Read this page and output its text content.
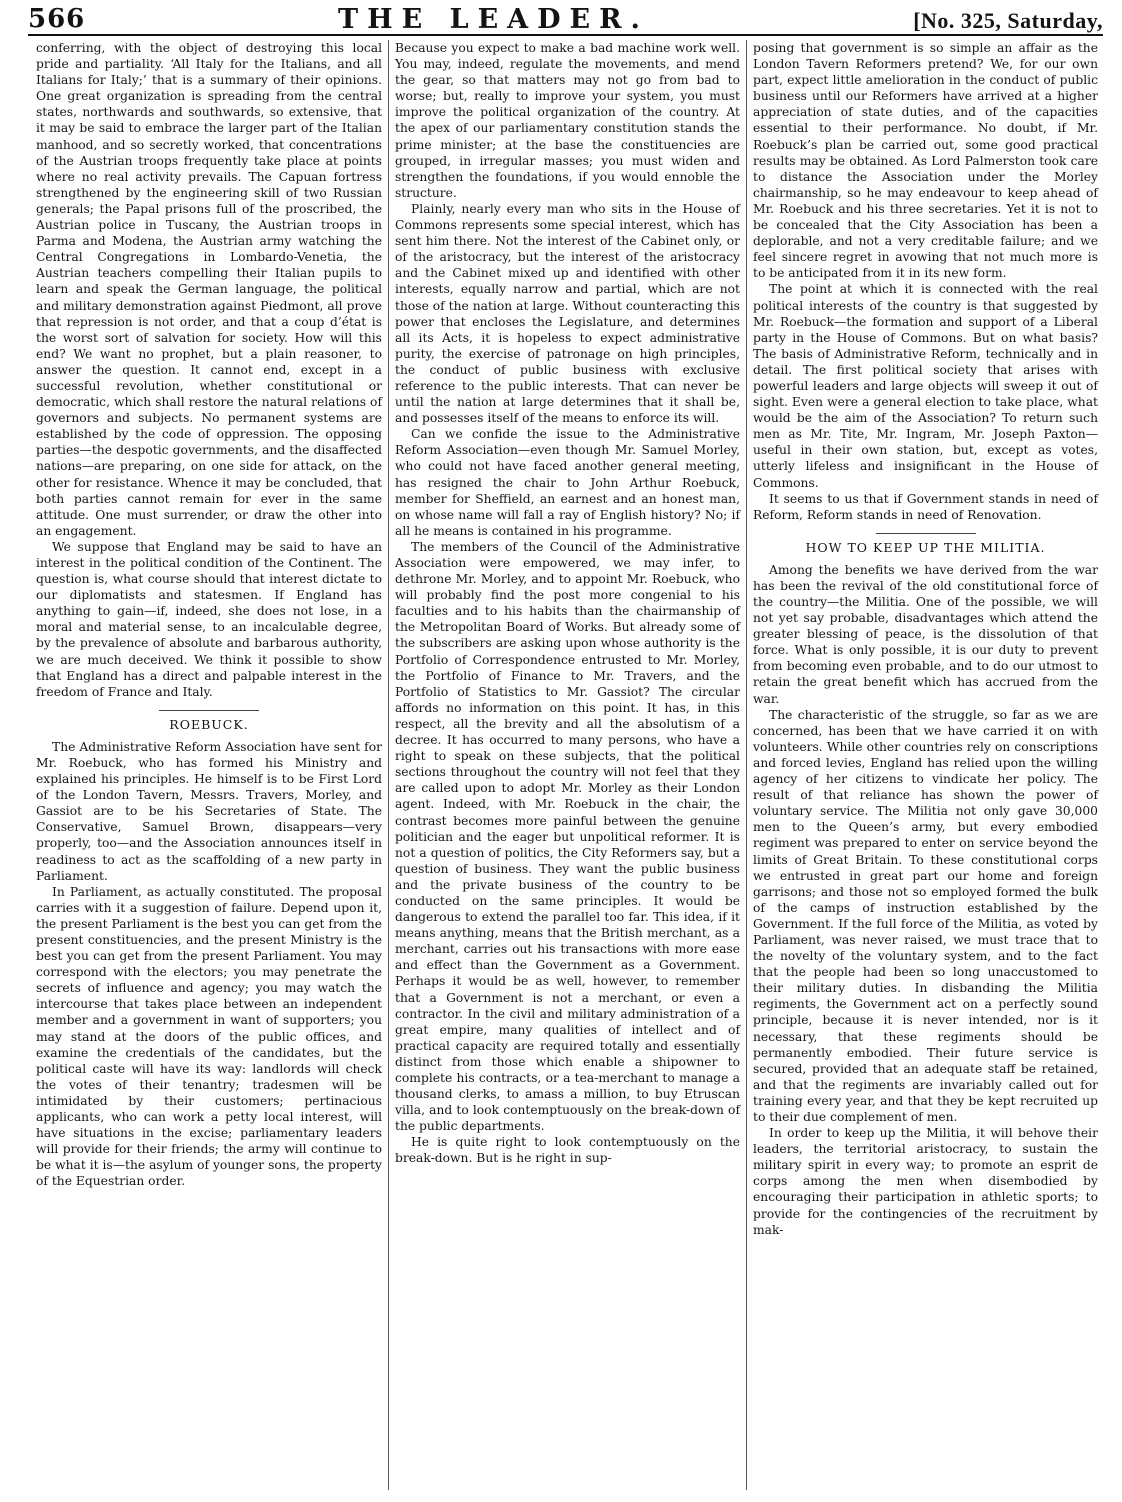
566	THE LEADER.	[No. 325, Saturday,

conferring, with the object of destroying this local pride and partiality. ‘All Italy for the Italians, and all Italians for Italy;’ that is a summary of their opinions. One great organization is spreading from the central states, northwards and southwards, so extensive, that it may be said to embrace the larger part of the Italian manhood, and so secretly worked, that concentrations of the Austrian troops frequently take place at points where no real activity prevails. The Capuan fortress strengthened by the engineering skill of two Russian generals; the Papal prisons full of the proscribed, the Austrian police in Tuscany, the Austrian troops in Parma and Modena, the Austrian army watching the Central Congregations in Lombardo-Venetia, the Austrian teachers compelling their Italian pupils to learn and speak the German language, the political and military demonstration against Piedmont, all prove that repression is not order, and that a coup d’état is the worst sort of salvation for society. How will this end? We want no prophet, but a plain reasoner, to answer the question. It cannot end, except in a successful revolution, whether constitutional or democratic, which shall restore the natural relations of governors and subjects. No permanent systems are established by the code of oppression. The opposing parties—the despotic governments, and the disaffected nations—are preparing, on one side for attack, on the other for resistance. Whence it may be concluded, that both parties cannot remain for ever in the same attitude. One must surrender, or draw the other into an engagement.

We suppose that England may be said to have an interest in the political condition of the Continent. The question is, what course should that interest dictate to our diplomatists and statesmen. If England has anything to gain—if, indeed, she does not lose, in a moral and material sense, to an incalculable degree, by the prevalence of absolute and barbarous authority, we are much deceived. We think it possible to show that England has a direct and palpable interest in the freedom of France and Italy.

ROEBUCK.

The Administrative Reform Association have sent for Mr. Roebuck, who has formed his Ministry and explained his principles. He himself is to be First Lord of the London Tavern, Messrs. Travers, Morley, and Gassiot are to be his Secretaries of State. The Conservative, Samuel Brown, disappears—very properly, too—and the Association announces itself in readiness to act as the scaffolding of a new party in Parliament.

In Parliament, as actually constituted. The proposal carries with it a suggestion of failure. Depend upon it, the present Parliament is the best you can get from the present constituencies, and the present Ministry is the best you can get from the present Parliament. You may correspond with the electors; you may penetrate the secrets of influence and agency; you may watch the intercourse that takes place between an independent member and a government in want of supporters; you may stand at the doors of the public offices, and examine the credentials of the candidates, but the political caste will have its way: landlords will check the votes of their tenantry; tradesmen will be intimidated by their customers; pertinacious applicants, who can work a petty local interest, will have situations in the excise; parliamentary leaders will provide for their friends; the army will continue to be what it is—the asylum of younger sons, the property of the Equestrian order.

Because you expect to make a bad machine work well. You may, indeed, regulate the movements, and mend the gear, so that matters may not go from bad to worse; but, really to improve your system, you must improve the political organization of the country. At the apex of our parliamentary constitution stands the prime minister; at the base the constituencies are grouped, in irregular masses; you must widen and strengthen the foundations, if you would ennoble the structure.

Plainly, nearly every man who sits in the House of Commons represents some special interest, which has sent him there. Not the interest of the Cabinet only, or of the aristocracy, but the interest of the aristocracy and the Cabinet mixed up and identified with other interests, equally narrow and partial, which are not those of the nation at large. Without counteracting this power that encloses the Legislature, and determines all its Acts, it is hopeless to expect administrative purity, the exercise of patronage on high principles, the conduct of public business with exclusive reference to the public interests. That can never be until the nation at large determines that it shall be, and possesses itself of the means to enforce its will.

Can we confide the issue to the Administrative Reform Association—even though Mr. Samuel Morley, who could not have faced another general meeting, has resigned the chair to John Arthur Roebuck, member for Sheffield, an earnest and an honest man, on whose name will fall a ray of English history? No; if all he means is contained in his programme.

The members of the Council of the Administrative Association were empowered, we may infer, to dethrone Mr. Morley, and to appoint Mr. Roebuck, who will probably find the post more congenial to his faculties and to his habits than the chairmanship of the Metropolitan Board of Works. But already some of the subscribers are asking upon whose authority is the Portfolio of Correspondence entrusted to Mr. Morley, the Portfolio of Finance to Mr. Travers, and the Portfolio of Statistics to Mr. Gassiot? The circular affords no information on this point. It has, in this respect, all the brevity and all the absolutism of a decree. It has occurred to many persons, who have a right to speak on these subjects, that the political sections throughout the country will not feel that they are called upon to adopt Mr. Morley as their London agent. Indeed, with Mr. Roebuck in the chair, the contrast becomes more painful between the genuine politician and the eager but unpolitical reformer. It is not a question of politics, the City Reformers say, but a question of business. They want the public business and the private business of the country to be conducted on the same principles. It would be dangerous to extend the parallel too far. This idea, if it means anything, means that the British merchant, as a merchant, carries out his transactions with more ease and effect than the Government as a Government. Perhaps it would be as well, however, to remember that a Government is not a merchant, or even a contractor. In the civil and military administration of a great empire, many qualities of intellect and of practical capacity are required totally and essentially distinct from those which enable a shipowner to complete his contracts, or a tea-merchant to manage a thousand clerks, to amass a million, to buy Etruscan villa, and to look contemptuously on the break-down of the public departments.

He is quite right to look contemptuously on the break-down. But is he right in sup-

posing that government is so simple an affair as the London Tavern Reformers pretend? We, for our own part, expect little amelioration in the conduct of public business until our Reformers have arrived at a higher appreciation of state duties, and of the capacities essential to their performance. No doubt, if Mr. Roebuck’s plan be carried out, some good practical results may be obtained. As Lord Palmerston took care to distance the Association under the Morley chairmanship, so he may endeavour to keep ahead of Mr. Roebuck and his three secretaries. Yet it is not to be concealed that the City Association has been a deplorable, and not a very creditable failure; and we feel sincere regret in avowing that not much more is to be anticipated from it in its new form.

The point at which it is connected with the real political interests of the country is that suggested by Mr. Roebuck—the formation and support of a Liberal party in the House of Commons. But on what basis? The basis of Administrative Reform, technically and in detail. The first political society that arises with powerful leaders and large objects will sweep it out of sight. Even were a general election to take place, what would be the aim of the Association? To return such men as Mr. Tite, Mr. Ingram, Mr. Joseph Paxton—useful in their own station, but, except as votes, utterly lifeless and insignificant in the House of Commons.

It seems to us that if Government stands in need of Reform, Reform stands in need of Renovation.

HOW TO KEEP UP THE MILITIA.

Among the benefits we have derived from the war has been the revival of the old constitutional force of the country—the Militia. One of the possible, we will not yet say probable, disadvantages which attend the greater blessing of peace, is the dissolution of that force. What is only possible, it is our duty to prevent from becoming even probable, and to do our utmost to retain the great benefit which has accrued from the war.

The characteristic of the struggle, so far as we are concerned, has been that we have carried it on with volunteers. While other countries rely on conscriptions and forced levies, England has relied upon the willing agency of her citizens to vindicate her policy. The result of that reliance has shown the power of voluntary service. The Militia not only gave 30,000 men to the Queen’s army, but every embodied regiment was prepared to enter on service beyond the limits of Great Britain. To these constitutional corps we entrusted in great part our home and foreign garrisons; and those not so employed formed the bulk of the camps of instruction established by the Government. If the full force of the Militia, as voted by Parliament, was never raised, we must trace that to the novelty of the voluntary system, and to the fact that the people had been so long unaccustomed to their military duties. In disbanding the Militia regiments, the Government act on a perfectly sound principle, because it is never intended, nor is it necessary, that these regiments should be permanently embodied. Their future service is secured, provided that an adequate staff be retained, and that the regiments are invariably called out for training every year, and that they be kept recruited up to their due complement of men.

In order to keep up the Militia, it will behove their leaders, the territorial aristocracy, to sustain the military spirit in every way; to promote an esprit de corps among the men when disembodied by encouraging their participation in athletic sports; to provide for the contingencies of the recruitment by mak-
